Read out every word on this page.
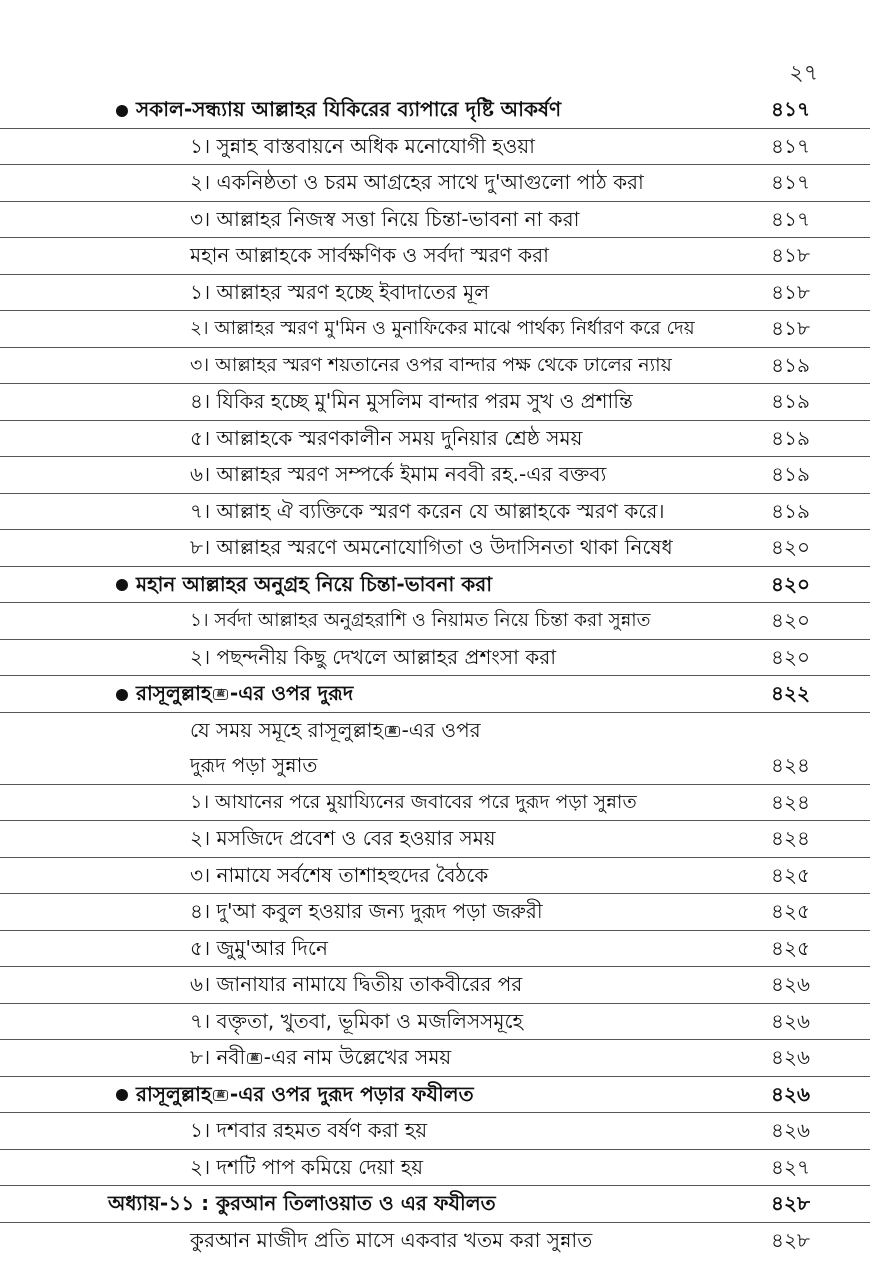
২৭
সকাল-সন্ধ্যায় আল্লাহর যিকিরের ব্যাপারে দৃষ্টি আকর্ষণ	৪১৭
১। সুন্নাহ বাস্তবায়নে অধিক মনোযোগী হওয়া	৪১৭
২। একনিষ্ঠতা ও চরম আগ্রহের সাথে দু'আগুলো পাঠ করা	৪১৭
৩। আল্লাহর নিজস্ব সত্তা নিয়ে চিন্তা-ভাবনা না করা	৪১৭
মহান আল্লাহকে সার্বক্ষণিক ও সর্বদা স্মরণ করা	৪১৮
১। আল্লাহর স্মরণ হচ্ছে ইবাদাতের মূল	৪১৮
২। আল্লাহর স্মরণ মু'মিন ও মুনাফিকের মাঝে পার্থক্য নির্ধারণ করে দেয়	৪১৮
৩। আল্লাহর স্মরণ শয়তানের ওপর বান্দার পক্ষ থেকে ঢালের ন্যায়	৪১৯
৪। যিকির হচ্ছে মু'মিন মুসলিম বান্দার পরম সুখ ও প্রশান্তি	৪১৯
৫। আল্লাহকে স্মরণকালীন সময় দুনিয়ার শ্রেষ্ঠ সময়	৪১৯
৬। আল্লাহর স্মরণ সম্পর্কে ইমাম নববী রহ.-এর বক্তব্য	৪১৯
৭। আল্লাহ ঐ ব্যক্তিকে স্মরণ করেন যে আল্লাহকে স্মরণ করে।	৪১৯
৮। আল্লাহর স্মরণে অমনোযোগিতা ও উদাসিনতা থাকা নিষেধ	৪২০
মহান আল্লাহর অনুগ্রহ নিয়ে চিন্তা-ভাবনা করা	৪২০
১। সর্বদা আল্লাহর অনুগ্রহরাশি ও নিয়ামত নিয়ে চিন্তা করা সুন্নাত	৪২০
২। পছন্দনীয় কিছু দেখলে আল্লাহর প্রশংসা করা	৪২০
রাসূলুল্লাহ ﷺ -এর ওপর দুরূদ	৪২২
যে সময় সমূহে রাসূলুল্লাহ ﷺ -এর ওপর
দুরূদ পড়া সুন্নাত	৪২৪
১। আযানের পরে মুয়ায্যিনের জবাবের পরে দুরূদ পড়া সুন্নাত	৪২৪
২। মসজিদে প্রবেশ ও বের হওয়ার সময়	৪২৪
৩। নামাযে সর্বশেষ তাশাহহুদের বৈঠকে	৪২৫
৪। দু'আ কবুল হওয়ার জন্য দুরূদ পড়া জরুরী	৪২৫
৫। জুমু'আর দিনে	৪২৫
৬। জানাযার নামাযে দ্বিতীয় তাকবীরের পর	৪২৬
৭। বক্তৃতা, খুতবা, ভূমিকা ও মজলিসসমূহে	৪২৬
৮। নবী ﷺ -এর নাম উল্লেখের সময়	৪২৬
রাসূলুল্লাহ ﷺ -এর ওপর দুরূদ পড়ার ফযীলত	৪২৬
১। দশবার রহমত বর্ষণ করা হয়	৪২৬
২। দশটি পাপ কমিয়ে দেয়া হয়	৪২৭
অধ্যায়-১১ : কুরআন তিলাওয়াত ও এর ফযীলত	৪২৮
কুরআন মাজীদ প্রতি মাসে একবার খতম করা সুন্নাত	৪২৮
